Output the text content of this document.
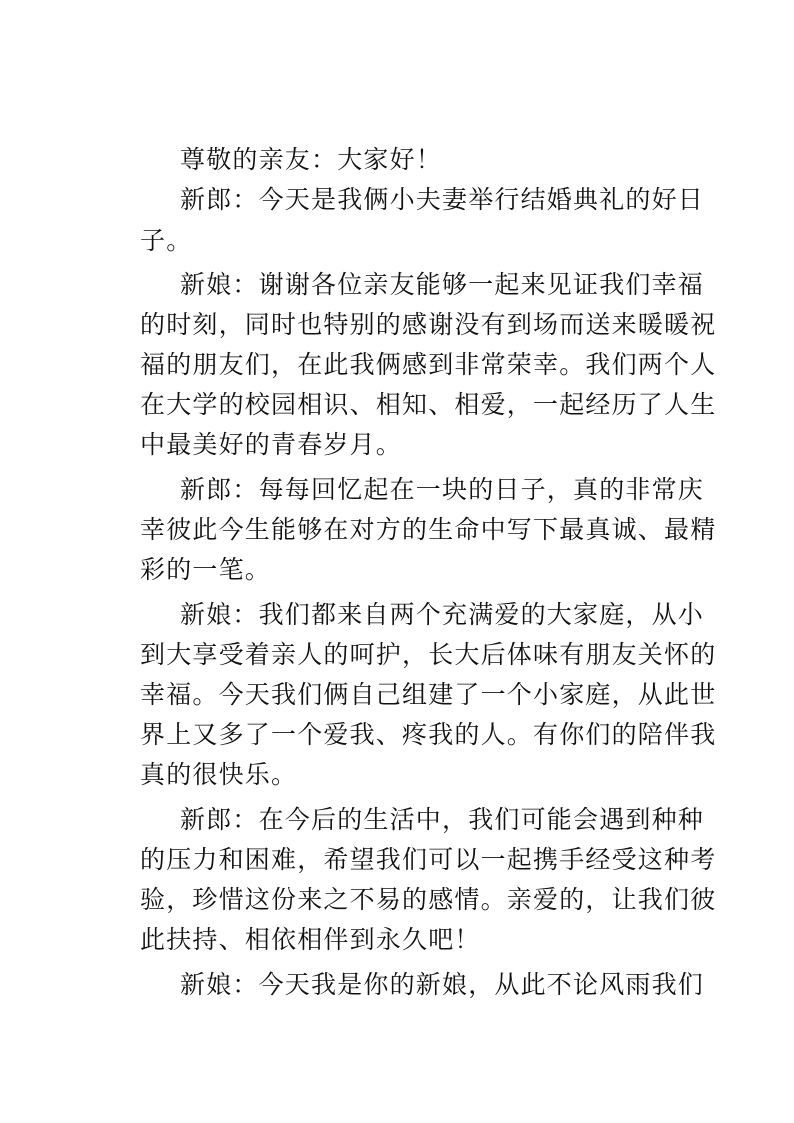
尊敬的亲友：大家好！
新郎：今天是我俩小夫妻举行结婚典礼的好日
子。
新娘：谢谢各位亲友能够一起来见证我们幸福
的时刻，同时也特别的感谢没有到场而送来暖暖祝
福的朋友们，在此我俩感到非常荣幸。我们两个人
在大学的校园相识、相知、相爱，一起经历了人生
中最美好的青春岁月。
新郎：每每回忆起在一块的日子，真的非常庆
幸彼此今生能够在对方的生命中写下最真诚、最精
彩的一笔。
新娘：我们都来自两个充满爱的大家庭，从小
到大享受着亲人的呵护，长大后体味有朋友关怀的
幸福。今天我们俩自己组建了一个小家庭，从此世
界上又多了一个爱我、疼我的人。有你们的陪伴我
真的很快乐。
新郎：在今后的生活中，我们可能会遇到种种
的压力和困难，希望我们可以一起携手经受这种考
验，珍惜这份来之不易的感情。亲爱的，让我们彼
此扶持、相依相伴到永久吧！
新娘：今天我是你的新娘，从此不论风雨我们
